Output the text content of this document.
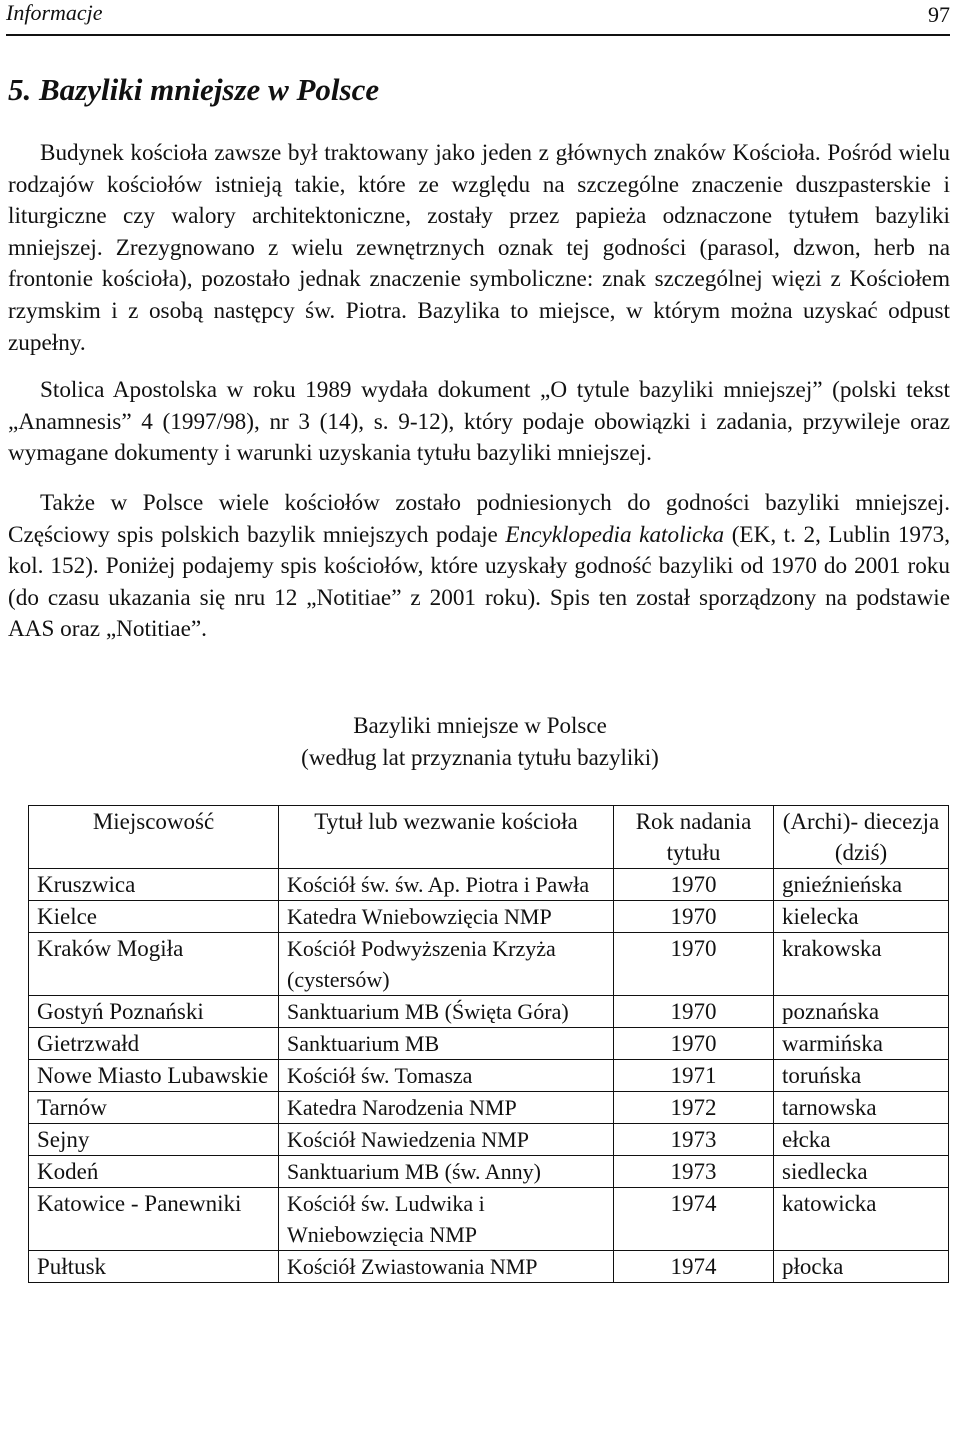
Informacje	97
5. Bazyliki mniejsze w Polsce

Budynek kościoła zawsze był traktowany jako jeden z głównych znaków Kościoła. Pośród wielu rodzajów kościołów istnieją takie, które ze względu na szczególne znaczenie duszpasterskie i liturgiczne czy walory architektoniczne, zostały przez papieża odznaczone tytułem bazyliki mniejszej. Zrezygnowano z wielu zewnętrznych oznak tej godności (parasol, dzwon, herb na frontonie kościoła), pozostało jednak znaczenie symboliczne: znak szczególnej więzi z Kościołem rzymskim i z osobą następcy św. Piotra. Bazylika to miejsce, w którym można uzyskać odpust zupełny.

Stolica Apostolska w roku 1989 wydała dokument „O tytule bazyliki mniejszej” (polski tekst „Anamnesis” 4 (1997/98), nr 3 (14), s. 9-12), który podaje obowiązki i zadania, przywileje oraz wymagane dokumenty i warunki uzyskania tytułu bazyliki mniejszej.

Także w Polsce wiele kościołów zostało podniesionych do godności bazyliki mniejszej. Częściowy spis polskich bazylik mniejszych podaje Encyklopedia katolicka (EK, t. 2, Lublin 1973, kol. 152). Poniżej podajemy spis kościołów, które uzyskały godność bazyliki od 1970 do 2001 roku (do czasu ukazania się nru 12 „Notitiae” z 2001 roku). Spis ten został sporządzony na podstawie AAS oraz „Notitiae”.

Bazyliki mniejsze w Polsce
(według lat przyznania tytułu bazyliki)
Miejscowość	Tytuł lub wezwanie kościoła	Rok nadania tytułu	(Archi)- diecezja (dziś)
Kruszwica	Kościół św. św. Ap. Piotra i Pawła	1970	gnieźnieńska
Kielce	Katedra Wniebowzięcia NMP	1970	kielecka
Kraków Mogiła	Kościół Podwyższenia Krzyża (cystersów)	1970	krakowska
Gostyń Poznański	Sanktuarium MB (Święta Góra)	1970	poznańska
Gietrzwałd	Sanktuarium MB	1970	warmińska
Nowe Miasto Lubawskie	Kościół św. Tomasza	1971	toruńska
Tarnów	Katedra Narodzenia NMP	1972	tarnowska
Sejny	Kościół Nawiedzenia NMP	1973	ełcka
Kodeń	Sanktuarium MB (św. Anny)	1973	siedlecka
Katowice - Panewniki	Kościół św. Ludwika i Wniebowzięcia NMP	1974	katowicka
Pułtusk	Kościół Zwiastowania NMP	1974	płocka
